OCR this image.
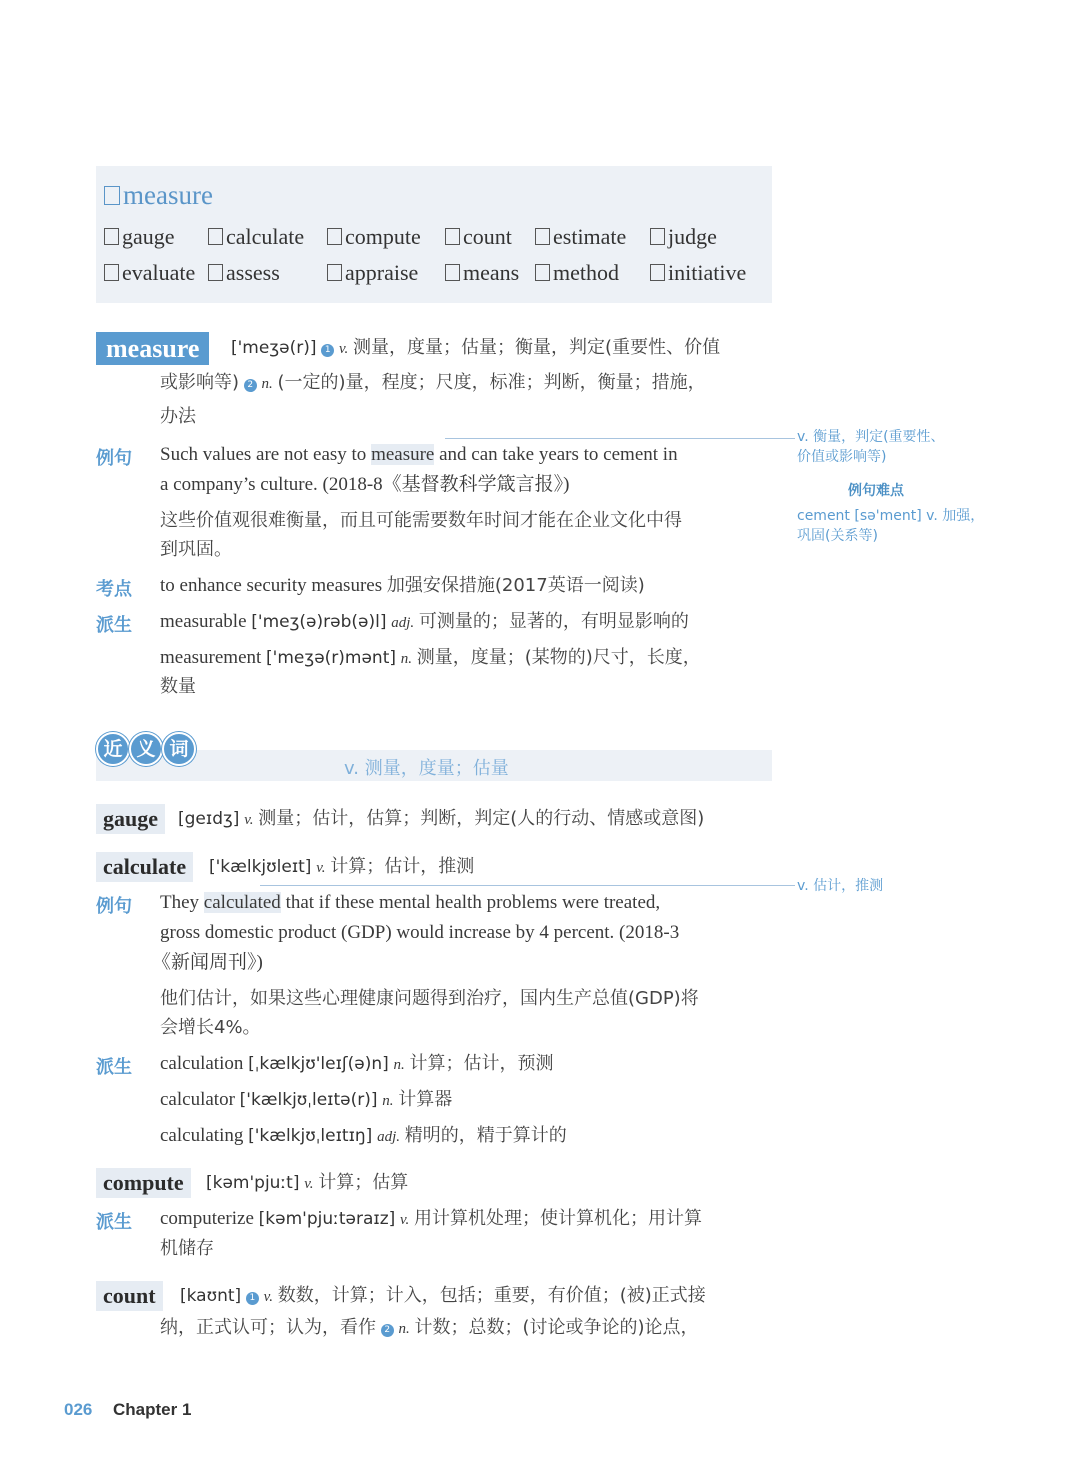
measure
gauge	calculate	compute	count	estimate	judge
evaluate	assess	appraise	means	method	initiative
measure	['meʒə(r)] 1 v. 测量，度量；估量；衡量，判定(重要性、价值
或影响等) 2 n. (一定的)量，程度；尺度，标准；判断，衡量；措施，
办法
例句 Such values are not easy to measure and can take years to cement in
a company’s culture. (2018-8《基督教科学箴言报》)
这些价值观很难衡量，而且可能需要数年时间才能在企业文化中得
到巩固。
考点 to enhance security measures 加强安保措施(2017英语一阅读)
派生 measurable ['meʒ(ə)rəb(ə)l] adj. 可测量的；显著的，有明显影响的
measurement ['meʒə(r)mənt] n. 测量，度量；(某物的)尺寸，长度，
数量
v. 衡量，判定(重要性、
价值或影响等)
例句难点
cement [sə'ment] v. 加强，
巩固(关系等)
近 义 词
v. 测量，度量；估量
gauge	[geɪdʒ] v. 测量；估计，估算；判断，判定(人的行动、情感或意图)
calculate	['kælkjʊleɪt] v. 计算；估计，推测
v. 估计，推测
例句 They calculated that if these mental health problems were treated,
gross domestic product (GDP) would increase by 4 percent. (2018-3
《新闻周刊》)
他们估计，如果这些心理健康问题得到治疗，国内生产总值(GDP)将
会增长4%。
派生 calculation [ˌkælkjʊ'leɪʃ(ə)n] n. 计算；估计，预测
calculator ['kælkjʊˌleɪtə(r)] n. 计算器
calculating ['kælkjʊˌleɪtɪŋ] adj. 精明的，精于算计的
compute	[kəm'pjuːt] v. 计算；估算
派生 computerize [kəm'pjuːtəraɪz] v. 用计算机处理；使计算机化；用计算
机储存
count	[kaʊnt] 1 v. 数数，计算；计入，包括；重要，有价值；(被)正式接
纳，正式认可；认为，看作 2 n. 计数；总数；(讨论或争论的)论点，
026 Chapter 1
